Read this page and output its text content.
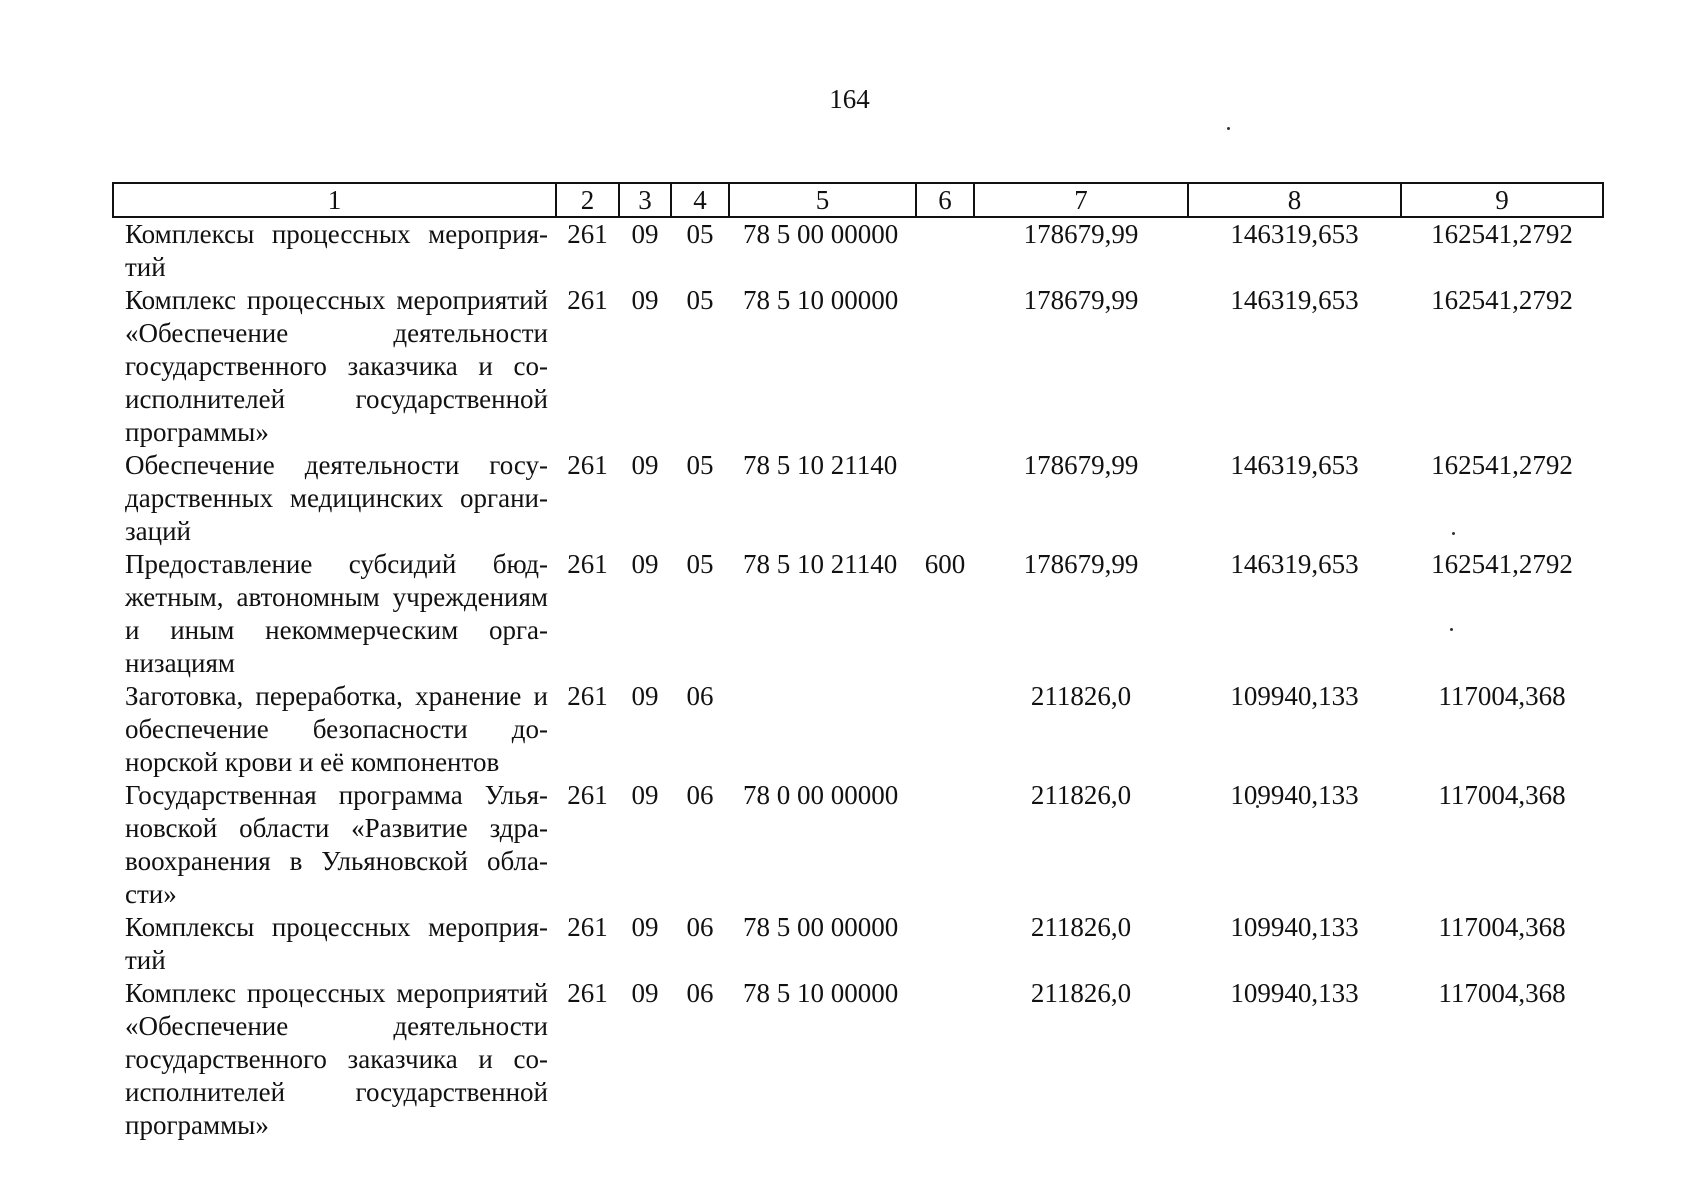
164
1	2	3	4	5	6	7	8	9
Комплексы процессных мероприятий	261	09	05	78 5 00 00000		178679,99	146319,653	162541,2792
Комплекс процессных мероприятий «Обеспечение деятельности государственного заказчика и соисполнителей государственной программы»	261	09	05	78 5 10 00000		178679,99	146319,653	162541,2792
Обеспечение деятельности государственных медицинских организаций	261	09	05	78 5 10 21140		178679,99	146319,653	162541,2792
Предоставление субсидий бюджетным, автономным учреждениям и иным некоммерческим организациям	261	09	05	78 5 10 21140	600	178679,99	146319,653	162541,2792
Заготовка, переработка, хранение и обеспечение безопасности донорской крови и её компонентов	261	09	06			211826,0	109940,133	117004,368
Государственная программа Ульяновской области «Развитие здравоохранения в Ульяновской области»	261	09	06	78 0 00 00000		211826,0	109940,133	117004,368
Комплексы процессных мероприятий	261	09	06	78 5 00 00000		211826,0	109940,133	117004,368
Комплекс процессных мероприятий «Обеспечение деятельности государственного заказчика и соисполнителей государственной программы»	261	09	06	78 5 10 00000		211826,0	109940,133	117004,368
